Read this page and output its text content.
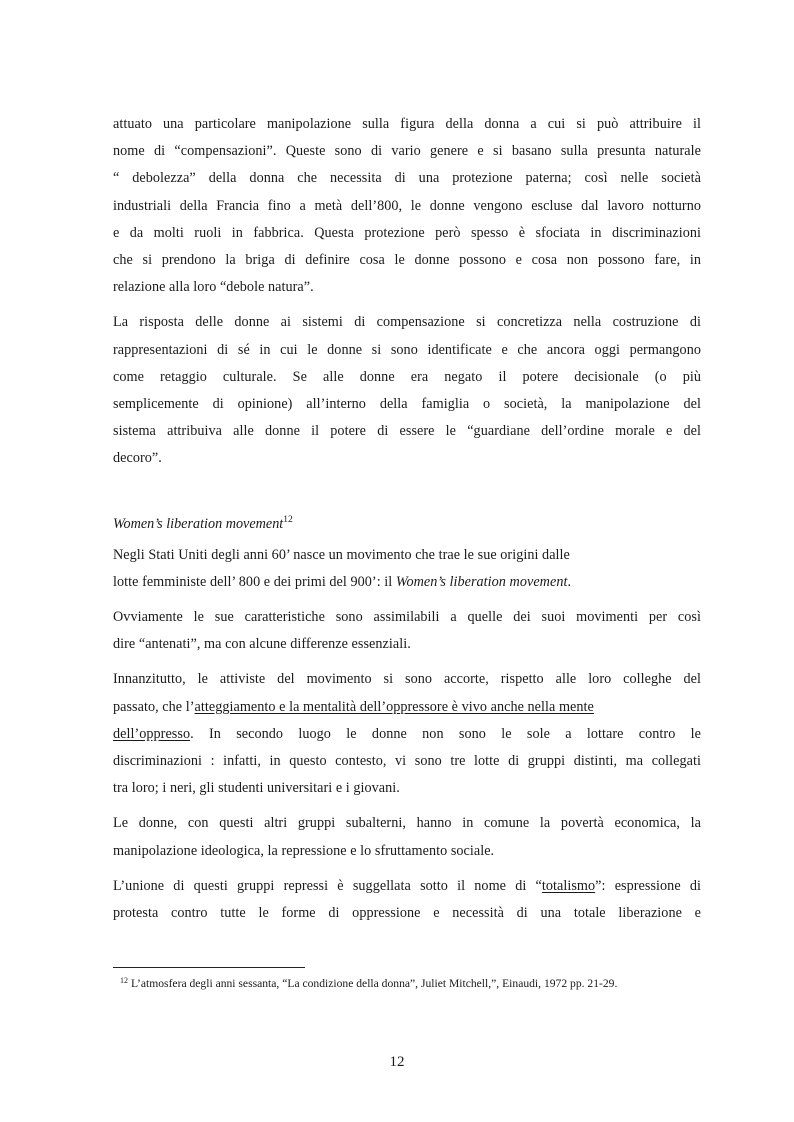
attuato una particolare manipolazione sulla figura della donna a cui si può attribuire il
nome di “compensazioni”. Queste sono di vario genere e si basano sulla presunta naturale
“ debolezza” della donna che necessita di una protezione paterna; così nelle società
industriali della Francia fino a metà dell’800, le donne vengono escluse dal lavoro notturno
e da molti ruoli in fabbrica. Questa protezione però spesso è sfociata in discriminazioni
che si prendono la briga di definire cosa le donne possono e cosa non possono fare, in
relazione alla loro “debole natura”.
La risposta delle donne ai sistemi di compensazione si concretizza nella costruzione di
rappresentazioni di sé in cui le donne si sono identificate e che ancora oggi permangono
come retaggio culturale. Se alle donne era negato il potere decisionale (o più
semplicemente di opinione) all’interno della famiglia o società, la manipolazione del
sistema attribuiva alle donne il potere di essere le “guardiane dell’ordine morale e del
decoro”.
Women’s liberation movement$^{12}$
Negli Stati Uniti degli anni 60’ nasce un movimento che trae le sue origini dalle
lotte femministe dell’ 800 e dei primi del 900’: il Women’s liberation movement.
Ovviamente le sue caratteristiche sono assimilabili a quelle dei suoi movimenti per così
dire “antenati”, ma con alcune differenze essenziali.
Innanzitutto, le attiviste del movimento si sono accorte, rispetto alle loro colleghe del
passato, che l’atteggiamento e la mentalità dell’oppressore è vivo anche nella mente
dell’oppresso. In secondo luogo le donne non sono le sole a lottare contro le
discriminazioni : infatti, in questo contesto, vi sono tre lotte di gruppi distinti, ma collegati
tra loro; i neri, gli studenti universitari e i giovani.
Le donne, con questi altri gruppi subalterni, hanno in comune la povertà economica, la
manipolazione ideologica, la repressione e lo sfruttamento sociale.
L’unione di questi gruppi repressi è suggellata sotto il nome di “totalismo”: espressione di
protesta contro tutte le forme di oppressione e necessità di una totale liberazione e
$^{12}$ L’atmosfera degli anni sessanta, “La condizione della donna”, Juliet Mitchell,”, Einaudi, 1972 pp. 21-29.
12
